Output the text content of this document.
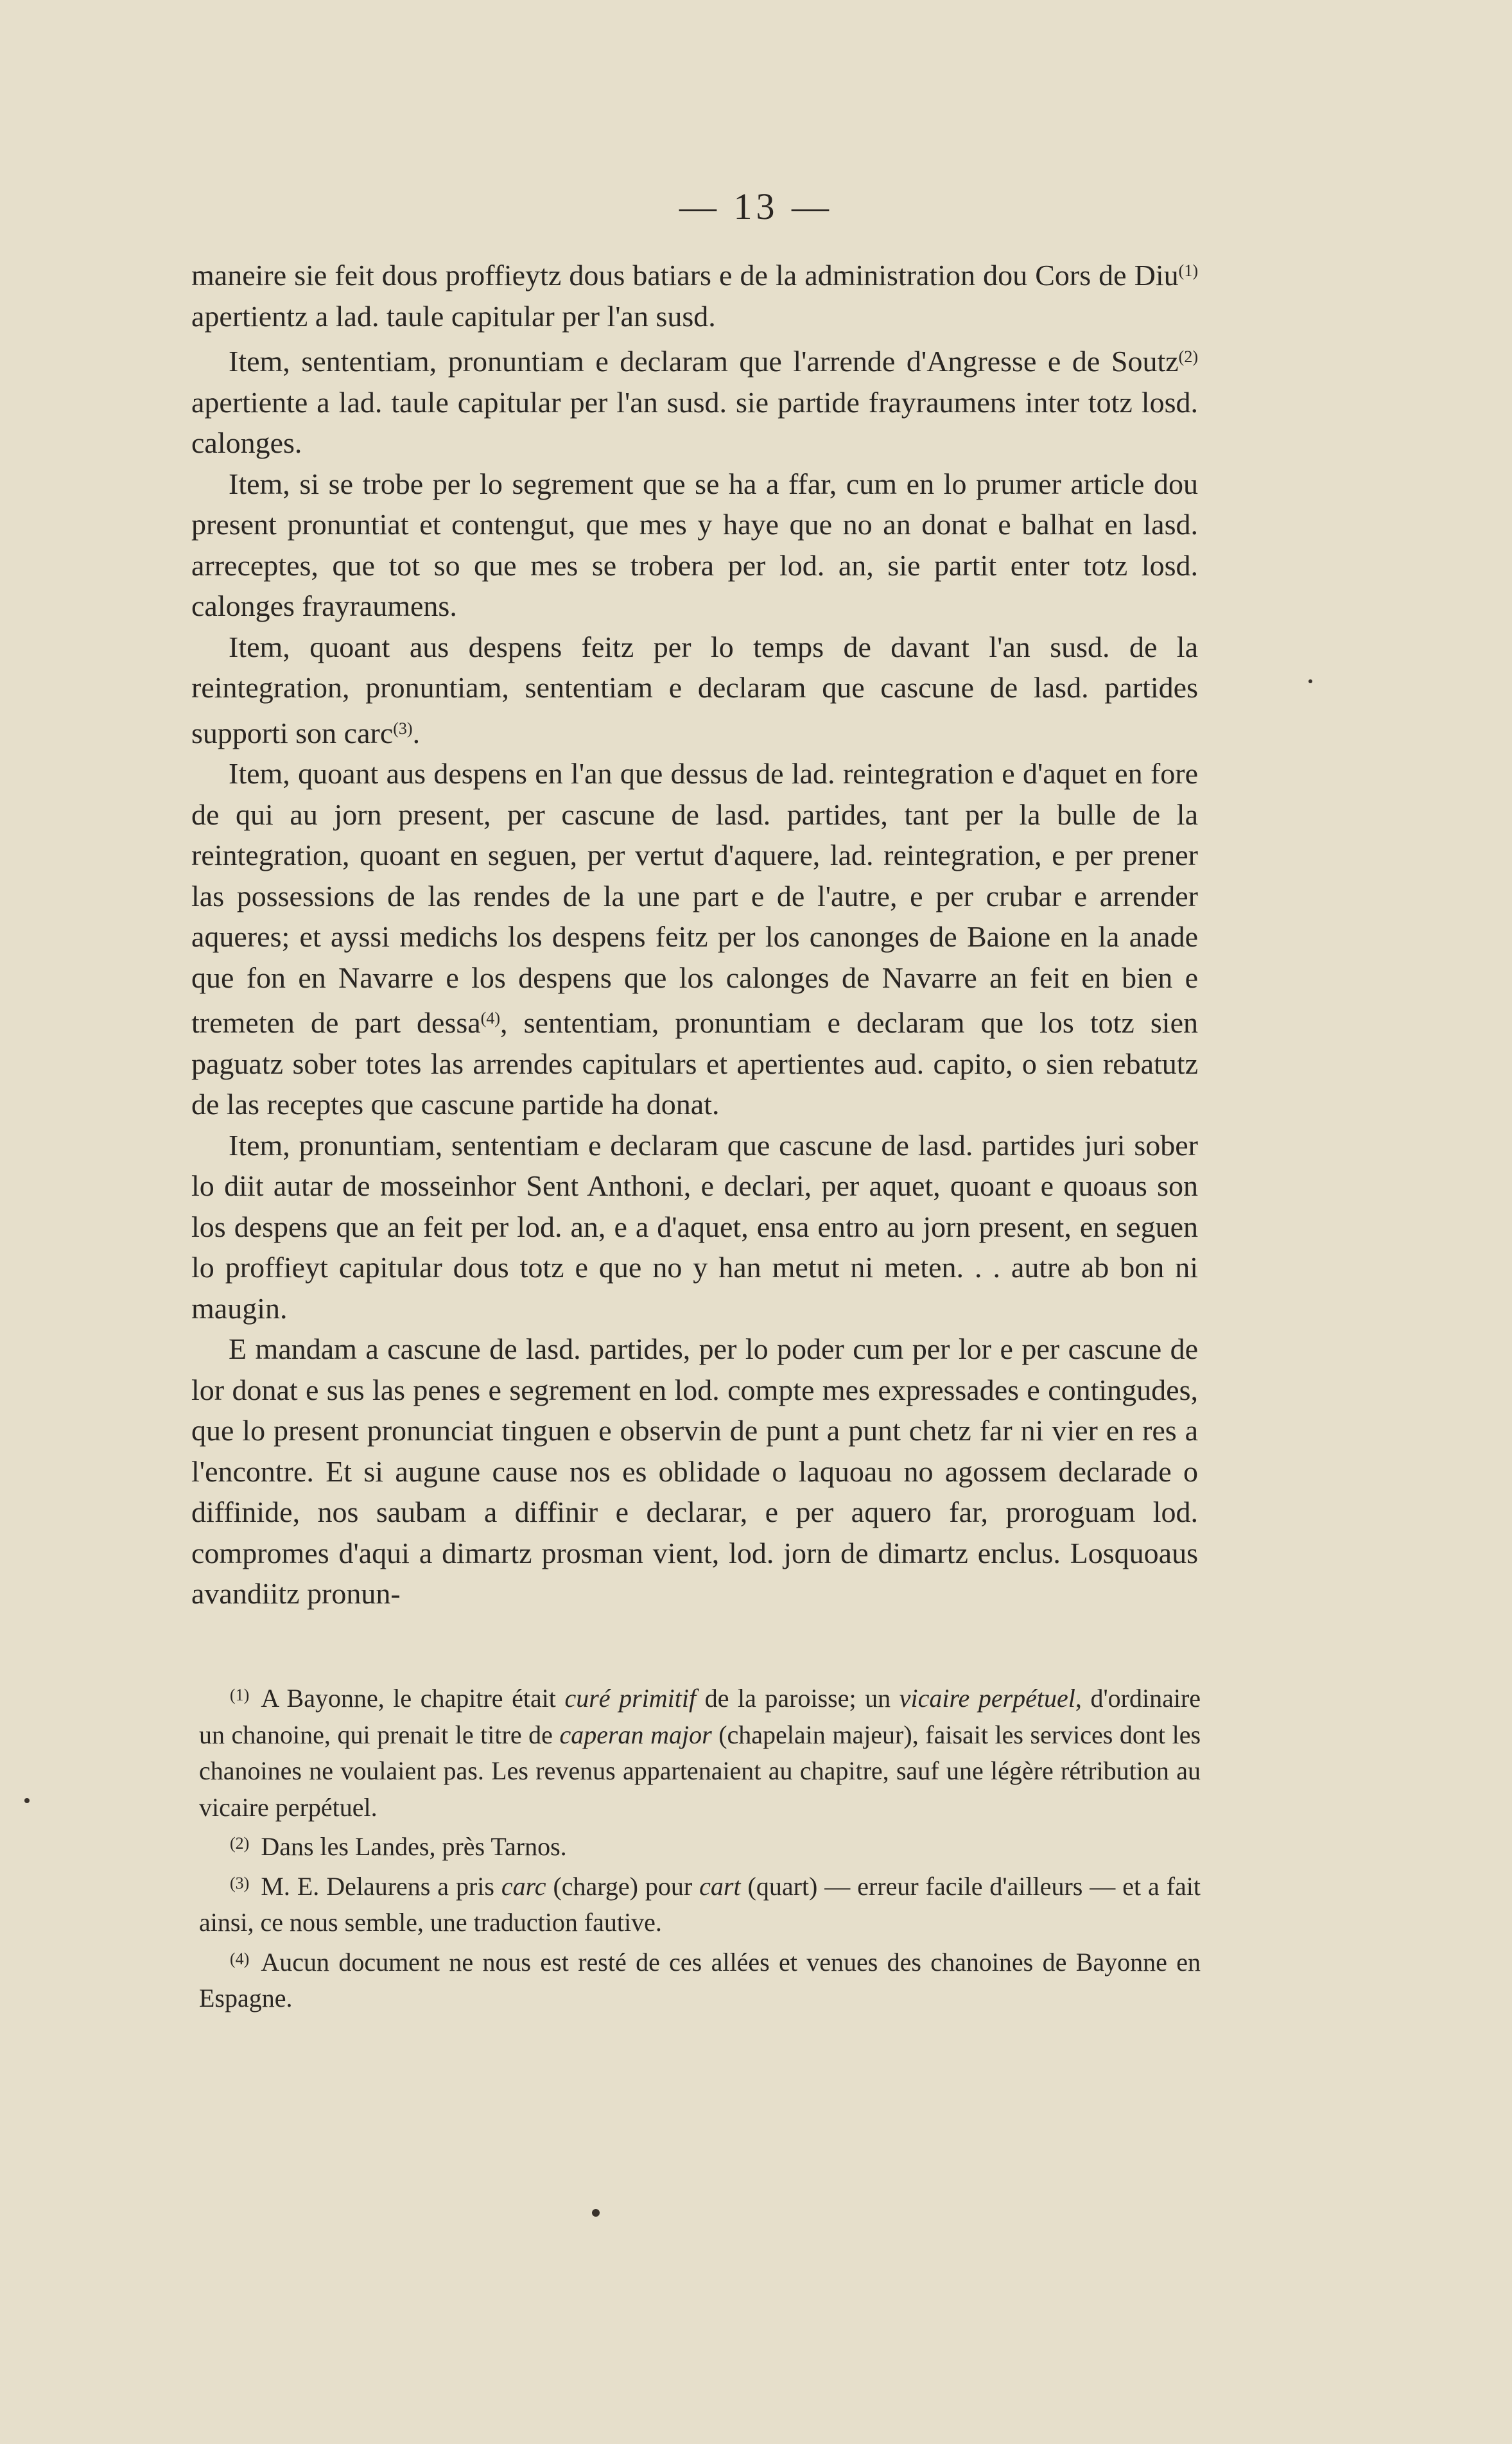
— 13 —

maneire sie feit dous proffieytz dous batiars e de la administration dou Cors de Diu$^{(1)}$ apertientz a lad. taule capitular per l'an susd.

Item, sententiam, pronuntiam e declaram que l'arrende d'Angresse e de Soutz$^{(2)}$ apertiente a lad. taule capitular per l'an susd. sie partide frayraumens inter totz losd. calonges.

Item, si se trobe per lo segrement que se ha a ffar, cum en lo prumer article dou present pronuntiat et contengut, que mes y haye que no an donat e balhat en lasd. arreceptes, que tot so que mes se trobera per lod. an, sie partit enter totz losd. calonges frayraumens.

Item, quoant aus despens feitz per lo temps de davant l'an susd. de la reintegration, pronuntiam, sententiam e declaram que cascune de lasd. partides supporti son carc$^{(3)}$.

Item, quoant aus despens en l'an que dessus de lad. reintegration e d'aquet en fore de qui au jorn present, per cascune de lasd. partides, tant per la bulle de la reintegration, quoant en seguen, per vertut d'aquere, lad. reintegration, e per prener las possessions de las rendes de la une part e de l'autre, e per crubar e arrender aqueres; et ayssi medichs los despens feitz per los canonges de Baione en la anade que fon en Navarre e los despens que los calonges de Navarre an feit en bien e tremeten de part dessa$^{(4)}$, sententiam, pronuntiam e declaram que los totz sien paguatz sober totes las arrendes capitulars et apertientes aud. capito, o sien rebatutz de las receptes que cascune partide ha donat.

Item, pronuntiam, sententiam e declaram que cascune de lasd. partides juri sober lo diit autar de mosseinhor Sent Anthoni, e declari, per aquet, quoant e quoaus son los despens que an feit per lod. an, e a d'aquet, ensa entro au jorn present, en seguen lo proffieyt capitular dous totz e que no y han metut ni meten. . . autre ab bon ni maugin.

E mandam a cascune de lasd. partides, per lo poder cum per lor e per cascune de lor donat e sus las penes e segrement en lod. compte mes expressades e contingudes, que lo present pronunciat tinguen e observin de punt a punt chetz far ni vier en res a l'encontre. Et si augune cause nos es oblidade o laquoau no agossem declarade o diffinide, nos saubam a diffinir e declarar, e per aquero far, proroguam lod. compromes d'aqui a dimartz prosman vient, lod. jorn de dimartz enclus. Losquoaus avandiitz pronun-

$^{(1)}$ A Bayonne, le chapitre était curé primitif de la paroisse; un vicaire perpétuel, d'ordinaire un chanoine, qui prenait le titre de caperan major (chapelain majeur), faisait les services dont les chanoines ne voulaient pas. Les revenus appartenaient au chapitre, sauf une légère rétribution au vicaire perpétuel.

$^{(2)}$ Dans les Landes, près Tarnos.

$^{(3)}$ M. E. Delaurens a pris carc (charge) pour cart (quart) — erreur facile d'ailleurs — et a fait ainsi, ce nous semble, une traduction fautive.

$^{(4)}$ Aucun document ne nous est resté de ces allées et venues des chanoines de Bayonne en Espagne.
